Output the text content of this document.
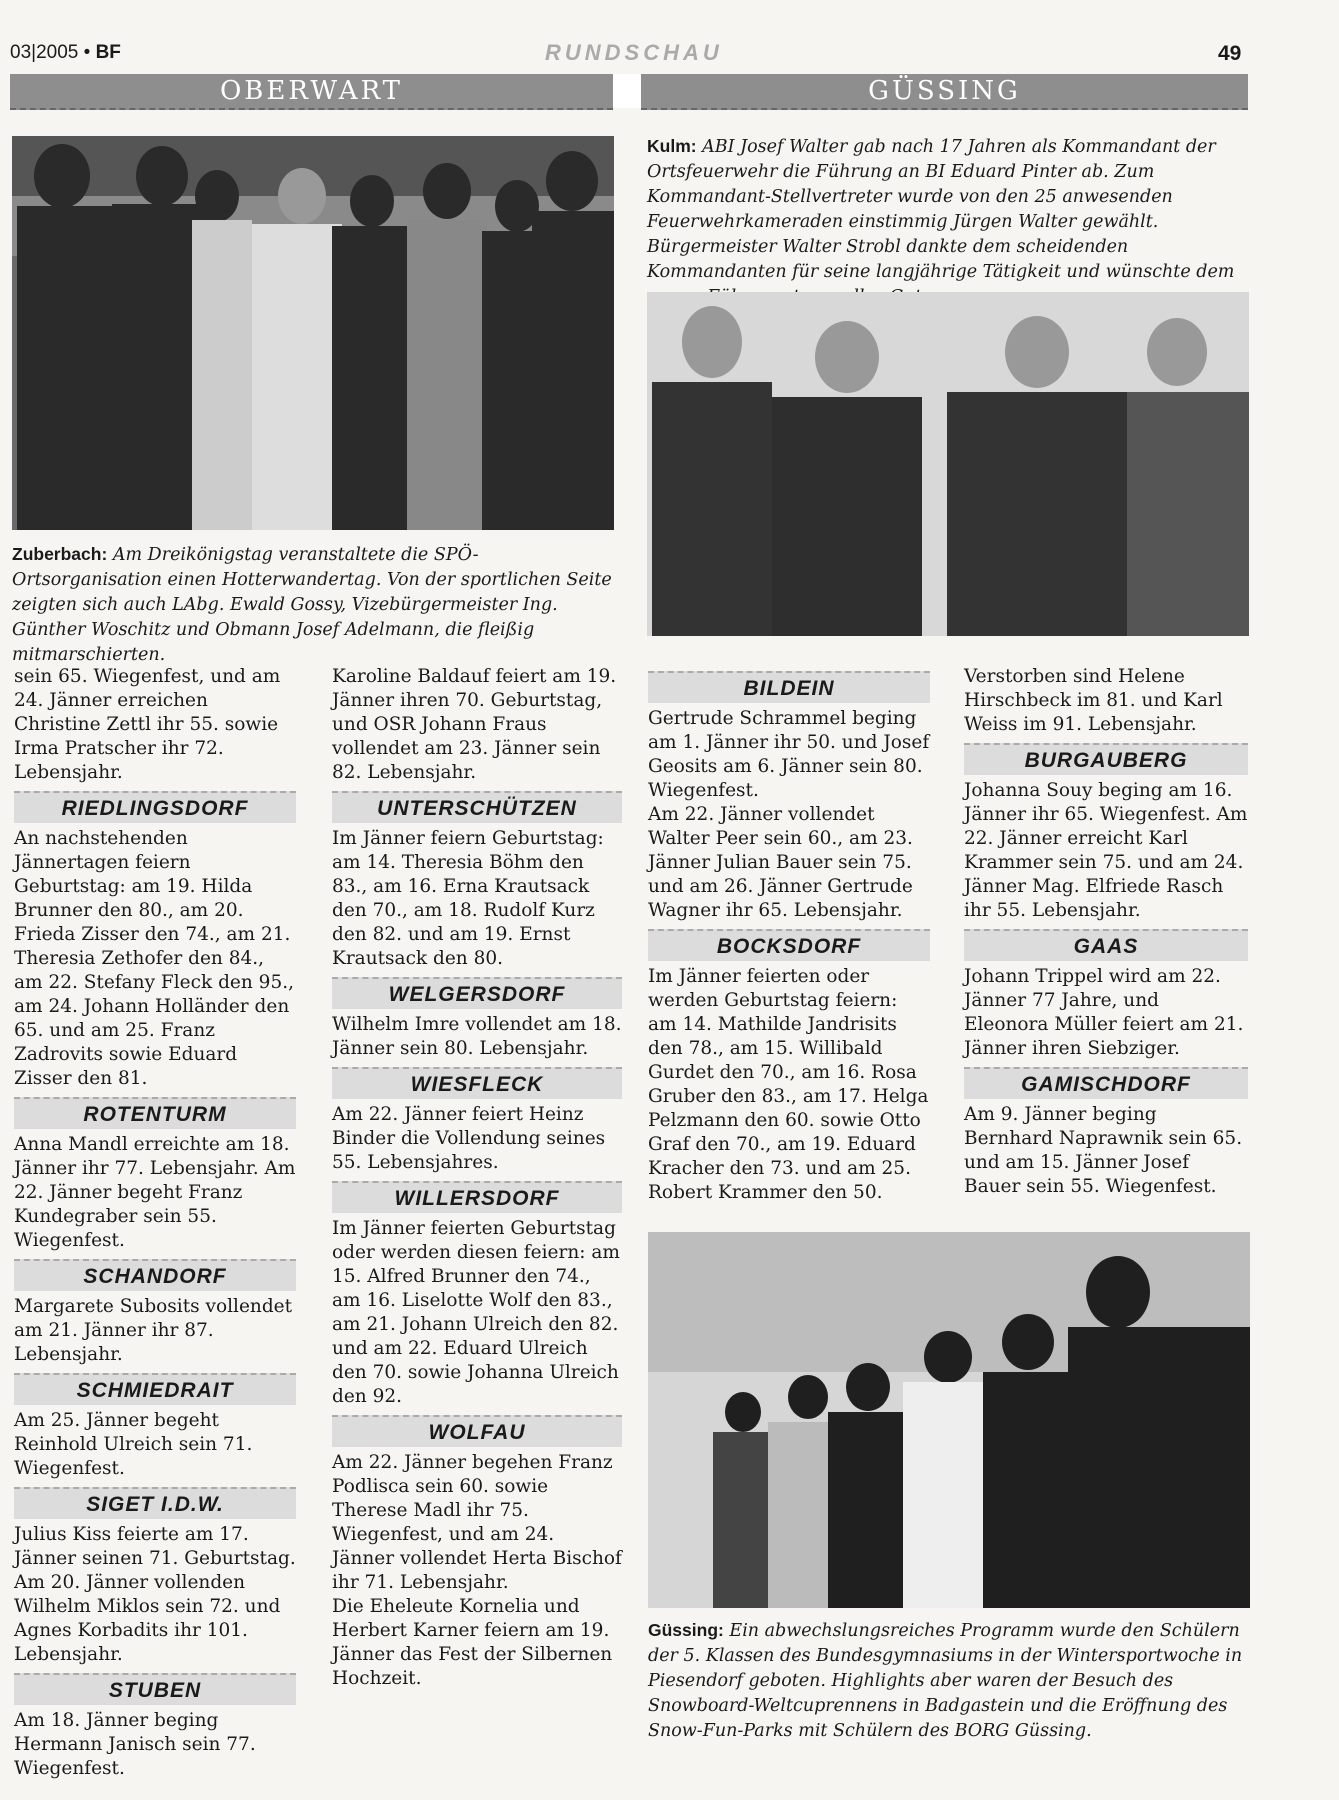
03|2005 • BF	RUNDSCHAU	49
OBERWART	GÜSSING
Kulm: ABI Josef Walter gab nach 17 Jahren als Kommandant der Ortsfeuerwehr die Führung an BI Eduard Pinter ab. Zum Kommandant-Stellvertreter wurde von den 25 anwesenden Feuerwehrkameraden einstimmig Jürgen Walter gewählt. Bürgermeister Walter Strobl dankte dem scheidenden Kommandanten für seine langjährige Tätigkeit und wünschte dem
Zuberbach: Am Dreikönigstag veranstaltete die SPÖ-Ortsorganisation einen Hotterwandertag. Von der sportlichen Seite zeigten sich auch LAbg. Ewald Gossy, Vizebürgermeister Ing. Günther Woschitz und Obmann Josef Adelmann, die fleißig mitmarschierten.

sein 65. Wiegenfest, und am 24. Jänner erreichen Christine Zettl ihr 55. sowie Irma Pratscher ihr 72. Lebensjahr.

RIEDLINGSDORF

An nachstehenden Jännertagen feiern Geburtstag: am 19. Hilda Brunner den 80., am 20. Frieda Zisser den 74., am 21. Theresia Zethofer den 84., am 22. Stefany Fleck den 95., am 24. Johann Holländer den 65. und am 25. Franz Zadrovits sowie Eduard Zisser den 81.

ROTENTURM

Anna Mandl erreichte am 18. Jänner ihr 77. Lebensjahr. Am 22. Jänner begeht Franz Kundegraber sein 55. Wiegenfest.

SCHANDORF

Margarete Subosits vollendet am 21. Jänner ihr 87. Lebensjahr.

SCHMIEDRAIT

Am 25. Jänner begeht Reinhold Ulreich sein 71. Wiegenfest.

SIGET I.D.W.

Julius Kiss feierte am 17. Jänner seinen 71. Geburtstag. Am 20. Jänner vollenden Wilhelm Miklos sein 72. und Agnes Korbadits ihr 101. Lebensjahr.

STUBEN

Am 18. Jänner beging Hermann Janisch sein 77. Wiegenfest.

Karoline Baldauf feiert am 19. Jänner ihren 70. Geburtstag, und OSR Johann Fraus vollendet am 23. Jänner sein 82. Lebensjahr.

UNTERSCHÜTZEN

Im Jänner feiern Geburtstag: am 14. Theresia Böhm den 83., am 16. Erna Krautsack den 70., am 18. Rudolf Kurz den 82. und am 19. Ernst Krautsack den 80.

WELGERSDORF

Wilhelm Imre vollendet am 18. Jänner sein 80. Lebensjahr.

WIESFLECK

Am 22. Jänner feiert Heinz Binder die Vollendung seines 55. Lebensjahres.

WILLERSDORF

Im Jänner feierten Geburtstag oder werden diesen feiern: am 15. Alfred Brunner den 74., am 16. Liselotte Wolf den 83., am 21. Johann Ulreich den 82. und am 22. Eduard Ulreich den 70. sowie Johanna Ulreich den 92.

WOLFAU

Am 22. Jänner begehen Franz Podlisca sein 60. sowie Therese Madl ihr 75. Wiegenfest, und am 24. Jänner vollendet Herta Bischof ihr 71. Lebensjahr.

Die Eheleute Kornelia und Herbert Karner feiern am 19. Jänner das Fest der Silbernen Hochzeit.

BILDEIN

Gertrude Schrammel beging am 1. Jänner ihr 50. und Josef Geosits am 6. Jänner sein 80. Wiegenfest.

Am 22. Jänner vollendet Walter Peer sein 60., am 23. Jänner Julian Bauer sein 75. und am 26. Jänner Gertrude Wagner ihr 65. Lebensjahr.

BOCKSDORF

Im Jänner feierten oder werden Geburtstag feiern: am 14. Mathilde Jandrisits den 78., am 15. Willibald Gurdet den 70., am 16. Rosa Gruber den 83., am 17. Helga Pelzmann den 60. sowie Otto Graf den 70., am 19. Eduard Kracher den 73. und am 25. Robert Krammer den 50.

Verstorben sind Helene Hirschbeck im 81. und Karl Weiss im 91. Lebensjahr.

BURGAUBERG

Johanna Souy beging am 16. Jänner ihr 65. Wiegenfest. Am 22. Jänner erreicht Karl Krammer sein 75. und am 24. Jänner Mag. Elfriede Rasch ihr 55. Lebensjahr.

GAAS

Johann Trippel wird am 22. Jänner 77 Jahre, und Eleonora Müller feiert am 21. Jänner ihren Siebziger.

GAMISCHDORF

Am 9. Jänner beging Bernhard Naprawnik sein 65. und am 15. Jänner Josef Bauer sein 55. Wiegenfest.

Güssing: Ein abwechslungsreiches Programm wurde den Schülern der 5. Klassen des Bundesgymnasiums in der Wintersportwoche in Piesendorf geboten. Highlights aber waren der Besuch des Snowboard-Weltcuprennens in Badgastein und die Eröffnung des Snow-Fun-Parks mit Schülern des BORG Güssing.
